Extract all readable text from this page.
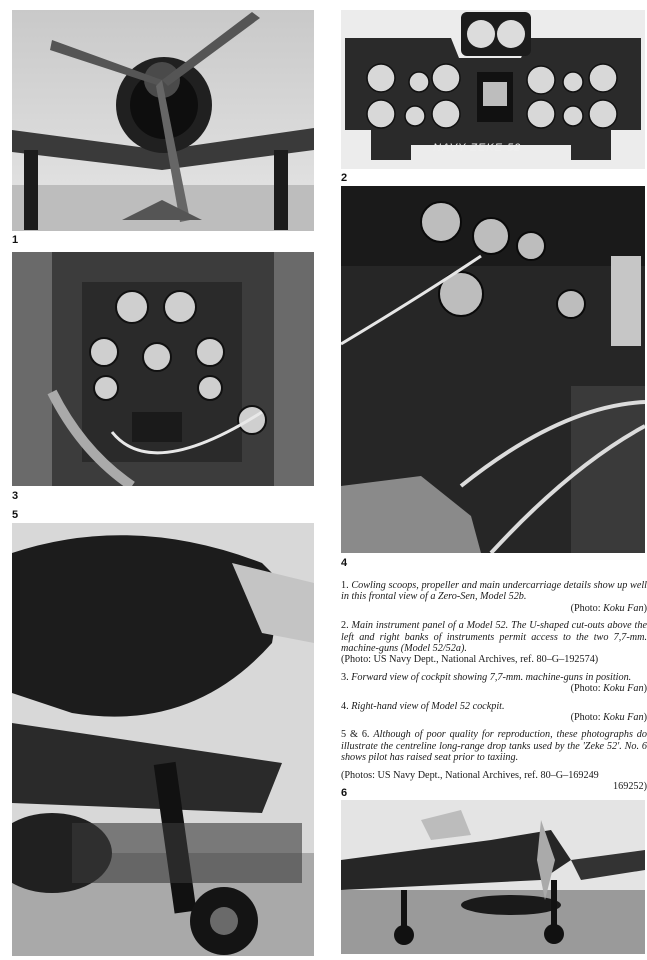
1
NAVY ZEKE 52
2
3
5
4

1. Cowling scoops, propeller and main undercarriage details show up well in this frontal view of a Zero-Sen, Model 52b.
(Photo: Koku Fan)

2. Main instrument panel of a Model 52. The U-shaped cut-outs above the left and right banks of instruments permit access to the two 7,7-mm. machine-guns (Model 52/52a).
(Photo: US Navy Dept., National Archives, ref. 80–G–192574)

3. Forward view of cockpit showing 7,7-mm. machine-guns in position.
(Photo: Koku Fan)

4. Right-hand view of Model 52 cockpit.
(Photo: Koku Fan)

5 & 6. Although of poor quality for reproduction, these photographs do illustrate the centreline long-range drop tanks used by the 'Zeke 52'. No. 6 shows pilot has raised seat prior to taxiing.

(Photos: US Navy Dept., National Archives, ref. 80–G–169249
169252)

6
